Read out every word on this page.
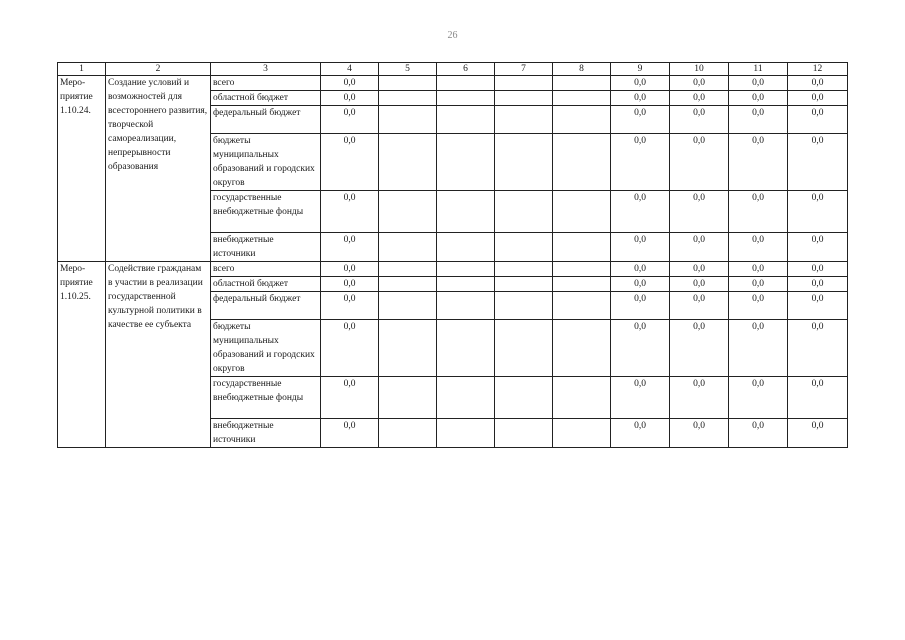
26
1	2	3	4	5	6	7	8	9	10	11	12
Меро-приятие 1.10.24.	Создание условий и возможностей для всестороннего развития, творческой самореализации, непрерывности образования	всего	0,0					0,0	0,0	0,0	0,0
		областной бюджет	0,0					0,0	0,0	0,0	0,0
		федеральный бюджет	0,0					0,0	0,0	0,0	0,0
		бюджеты муниципальных образований и городских округов	0,0					0,0	0,0	0,0	0,0
		государственные внебюджетные фонды	0,0					0,0	0,0	0,0	0,0
		внебюджетные источники	0,0					0,0	0,0	0,0	0,0
Меро-приятие 1.10.25.	Содействие гражданам в участии в реализации государственной культурной политики в качестве ее субъекта	всего	0,0					0,0	0,0	0,0	0,0
		областной бюджет	0,0					0,0	0,0	0,0	0,0
		федеральный бюджет	0,0					0,0	0,0	0,0	0,0
		бюджеты муниципальных образований и городских округов	0,0					0,0	0,0	0,0	0,0
		государственные внебюджетные фонды	0,0					0,0	0,0	0,0	0,0
		внебюджетные источники	0,0					0,0	0,0	0,0	0,0
